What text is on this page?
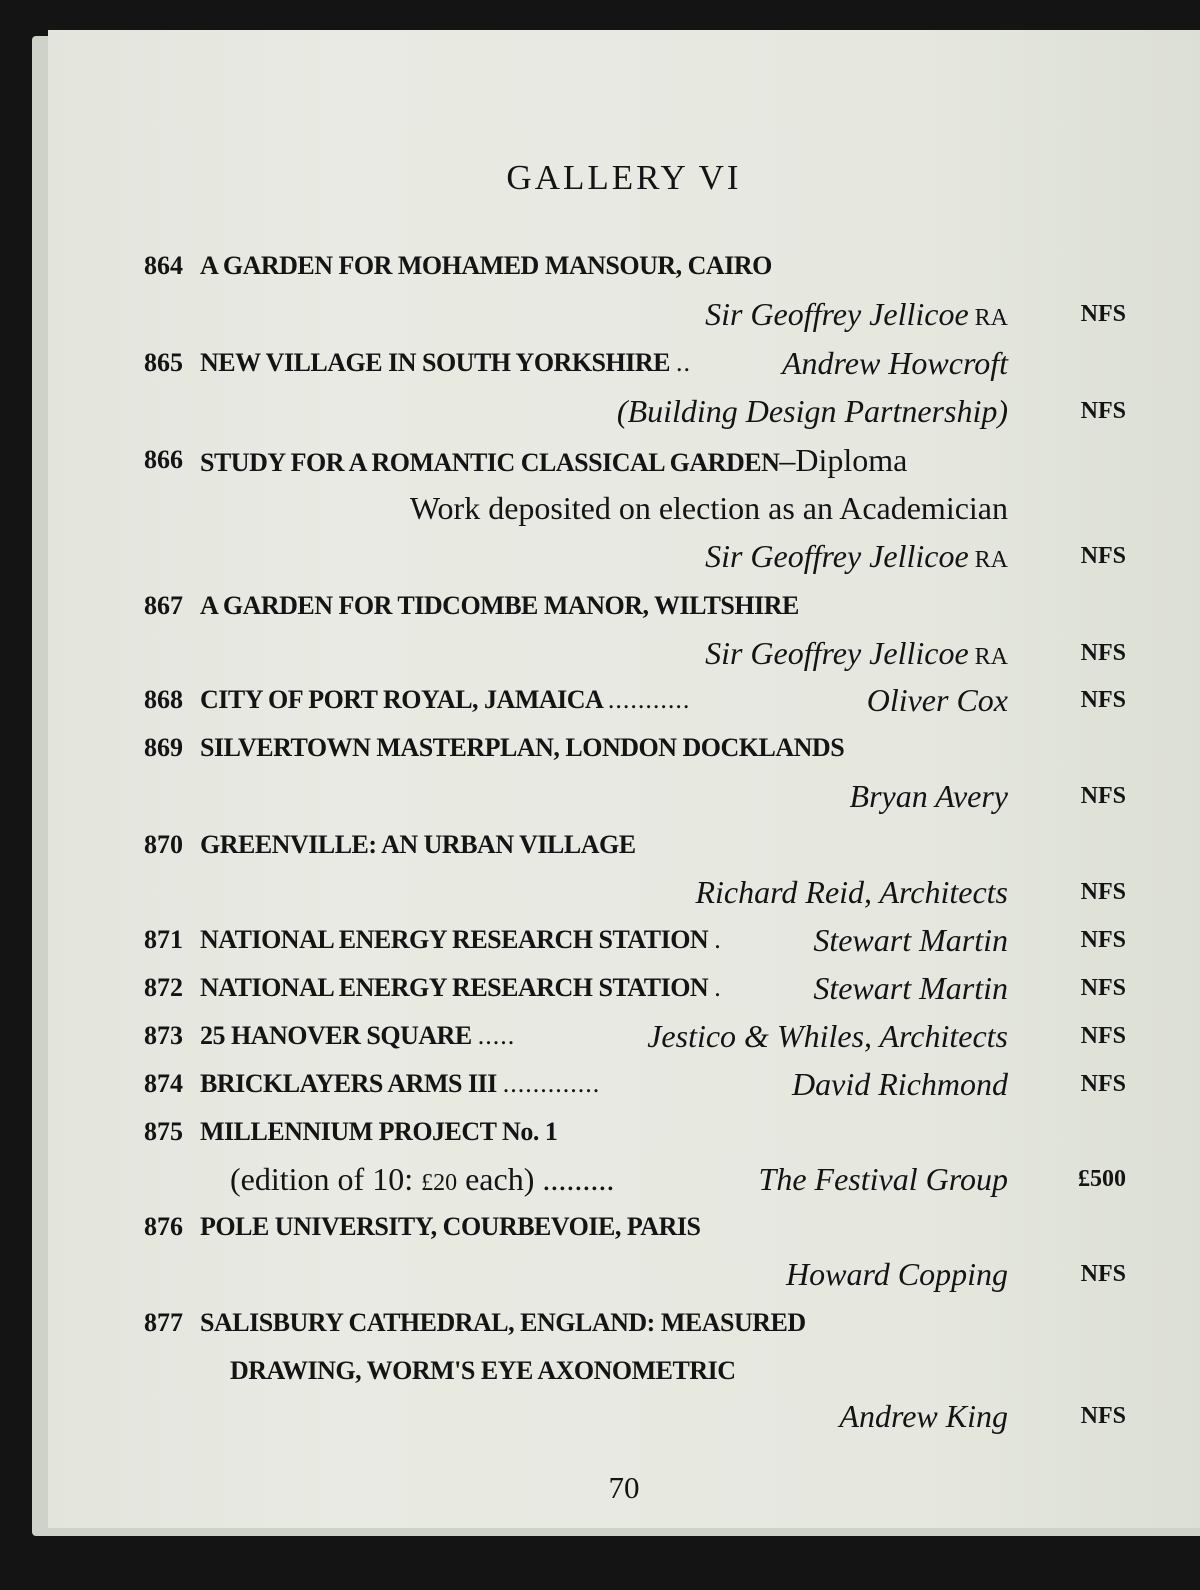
GALLERY VI
864 A GARDEN FOR MOHAMED MANSOUR, CAIRO
Sir Geoffrey Jellicoe RA	NFS
865 NEW VILLAGE IN SOUTH YORKSHIRE ..	Andrew Howcroft
(Building Design Partnership)	NFS
866 STUDY FOR A ROMANTIC CLASSICAL GARDEN–Diploma
Work deposited on election as an Academician
Sir Geoffrey Jellicoe RA	NFS
867 A GARDEN FOR TIDCOMBE MANOR, WILTSHIRE
Sir Geoffrey Jellicoe RA	NFS
868 CITY OF PORT ROYAL, JAMAICA ...........	Oliver Cox	NFS
869 SILVERTOWN MASTERPLAN, LONDON DOCKLANDS
Bryan Avery	NFS
870 GREENVILLE: AN URBAN VILLAGE
Richard Reid, Architects	NFS
871 NATIONAL ENERGY RESEARCH STATION .	Stewart Martin	NFS
872 NATIONAL ENERGY RESEARCH STATION .	Stewart Martin	NFS
873 25 HANOVER SQUARE .....	Jestico & Whiles, Architects	NFS
874 BRICKLAYERS ARMS III .............	David Richmond	NFS
875 MILLENNIUM PROJECT No. 1
(edition of 10: £20 each) .........	The Festival Group	£500
876 POLE UNIVERSITY, COURBEVOIE, PARIS
Howard Copping	NFS
877 SALISBURY CATHEDRAL, ENGLAND: MEASURED
DRAWING, WORM'S EYE AXONOMETRIC
Andrew King	NFS
70
